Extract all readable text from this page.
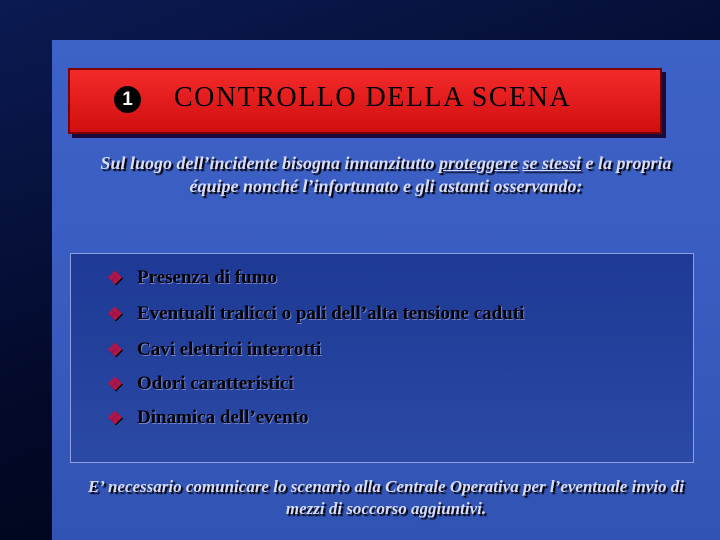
1 CONTROLLO DELLA SCENA
Sul luogo dell’incidente bisogna innanzitutto proteggere se stessi e la propria équipe nonché l’infortunato e gli astanti osservando:
❖ Presenza di fumo
❖ Eventuali tralicci o pali dell’alta tensione caduti
❖ Cavi elettrici interrotti
❖ Odori caratteristici
❖ Dinamica dell’evento
E’ necessario comunicare lo scenario alla Centrale Operativa per l’eventuale invio di mezzi di soccorso aggiuntivi.
